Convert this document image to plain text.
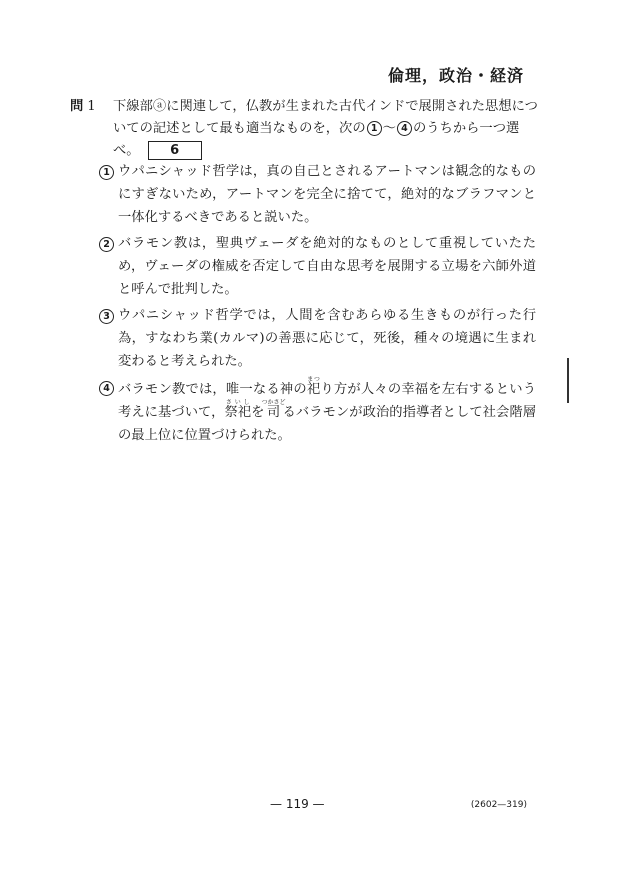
倫理，政治・経済
問 1 下線部ⓐに関連して，仏教が生まれた古代インドで展開された思想についての記述として最も適当なものを，次の 1 〜 4 のうちから一つ選べ。 6
1 ウパニシャッド哲学は，真の自己とされるアートマンは観念的なものにすぎないため，アートマンを完全に捨てて，絶対的なブラフマンと一体化するべきであると説いた。
2 バラモン教は，聖典ヴェーダを絶対的なものとして重視していたため，ヴェーダの権威を否定して自由な思考を展開する立場を六師外道と呼んで批判した。
3 ウパニシャッド哲学では，人間を含むあらゆる生きものが行った行為，すなわち業(カルマ)の善悪に応じて，死後，種々の境遇に生まれ変わると考えられた。
4 バラモン教では，唯一なる神の祀まつり方が人々の幸福を左右するという考えに基づいて，祭祀さいしを司つかさどるバラモンが政治的指導者として社会階層の最上位に位置づけられた。
— 119 —	(2602—319)
